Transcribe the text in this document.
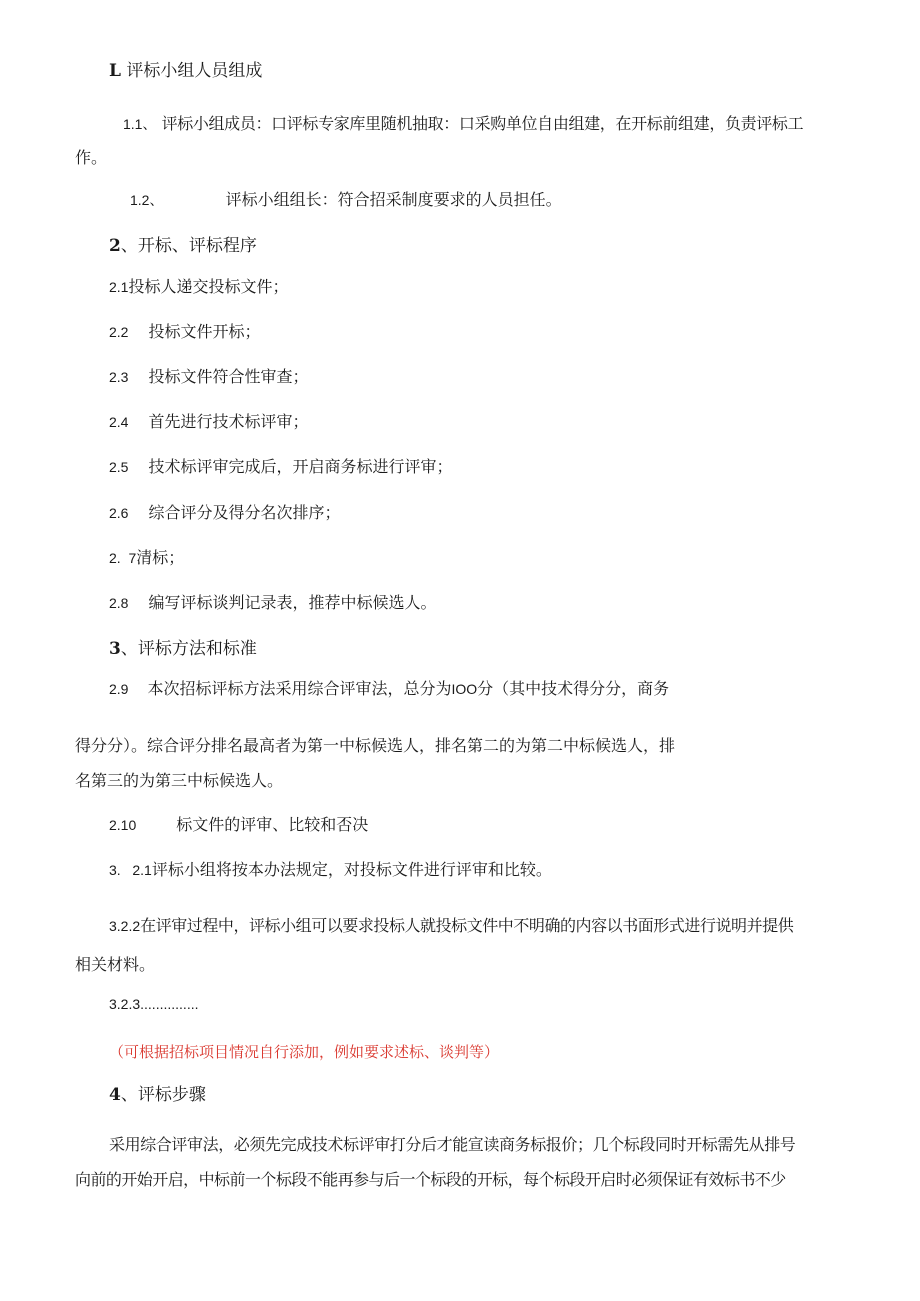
L 评标小组人员组成
1.1、 评标小组成员：口评标专家库里随机抽取：口采购单位自由组建，在开标前组建，负责评标工
作。
1.2、	评标小组组长：符合招采制度要求的人员担任。
2、开标、评标程序
2.1投标人递交投标文件；
2.2 投标文件开标；
2.3 投标文件符合性审查；
2.4 首先进行技术标评审；
2.5 技术标评审完成后，开启商务标进行评审；
2.6 综合评分及得分名次排序；
2.  7清标；
2.8 编写评标谈判记录表，推荐中标候选人。
3、评标方法和标准
2.9 本次招标评标方法采用综合评审法，总分为IOO分（其中技术得分分，商务
得分分）。综合评分排名最高者为第一中标候选人，排名第二的为第二中标候选人，排
名第三的为第三中标候选人。
2.10	标文件的评审、比较和否决
3.   2.1评标小组将按本办法规定，对投标文件进行评审和比较。
3.2.2在评审过程中，评标小组可以要求投标人就投标文件中不明确的内容以书面形式进行说明并提供
相关材料。
3.2.3...............
（可根据招标项目情况自行添加，例如要求述标、谈判等）
4、评标步骤
采用综合评审法，必须先完成技术标评审打分后才能宣读商务标报价；几个标段同时开标需先从排号
向前的开始开启，中标前一个标段不能再参与后一个标段的开标，每个标段开启时必须保证有效标书不少
